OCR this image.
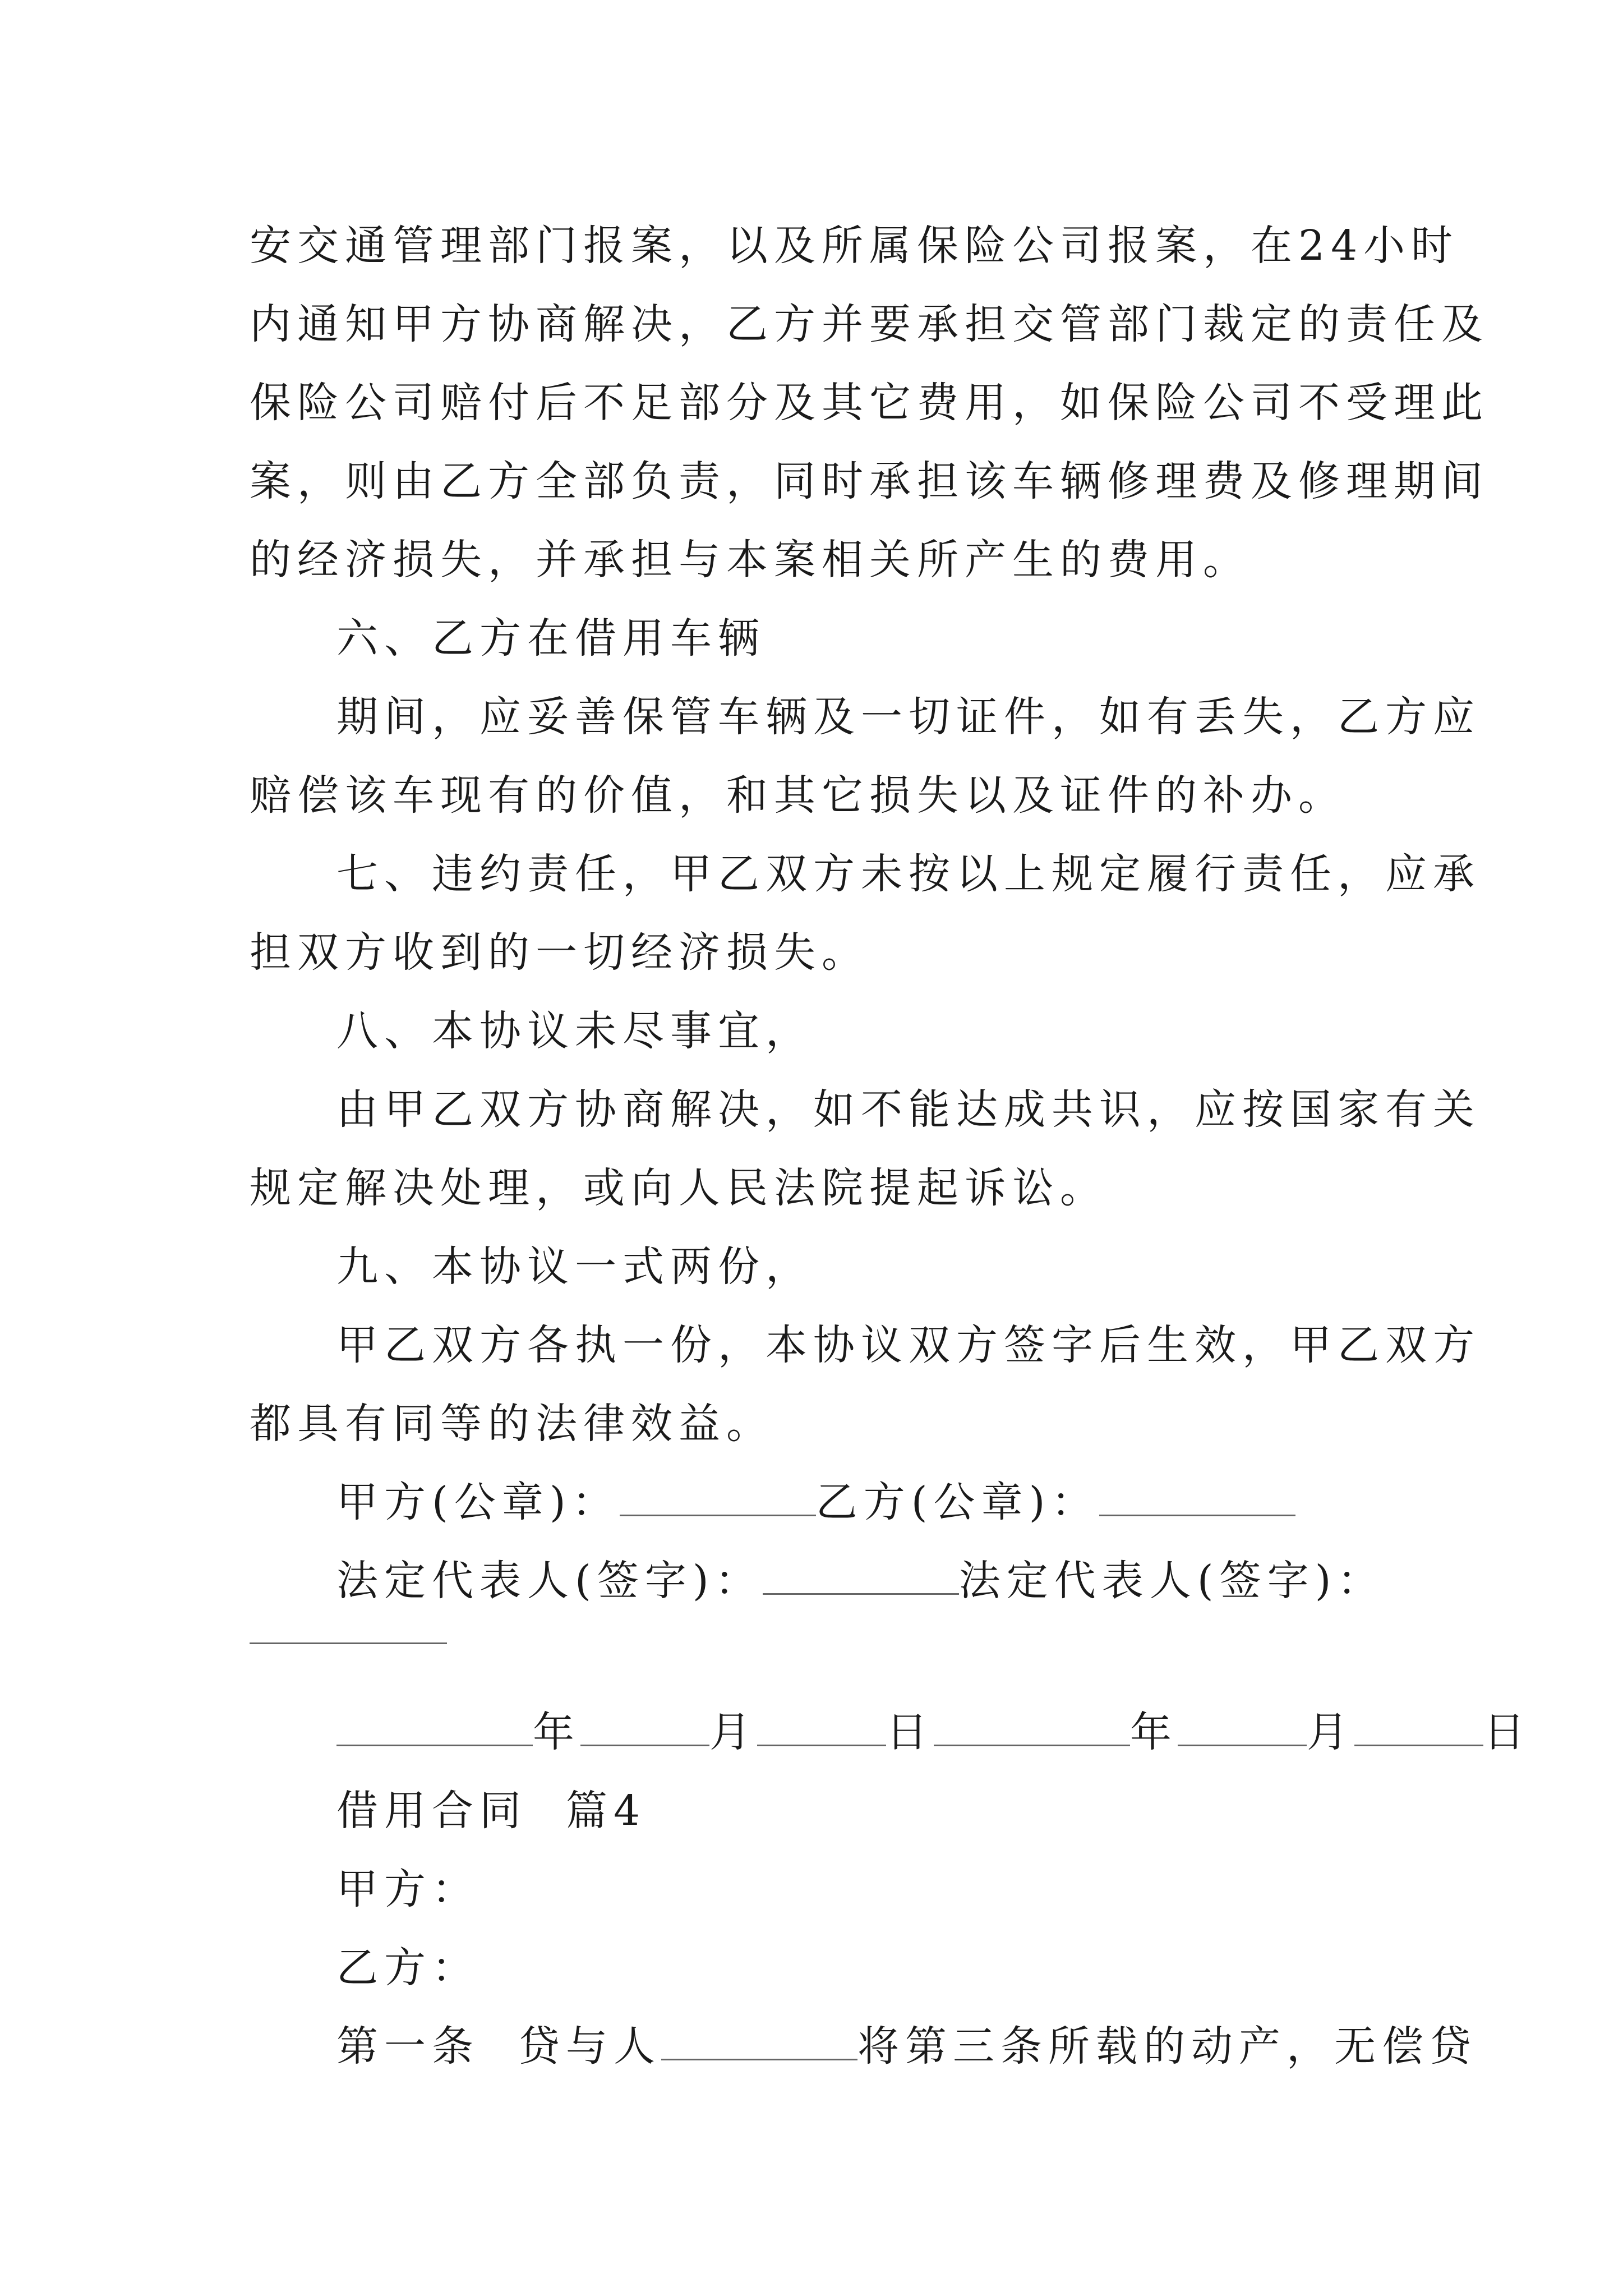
安交通管理部门报案，以及所属保险公司报案，在24小时
内通知甲方协商解决，乙方并要承担交管部门裁定的责任及
保险公司赔付后不足部分及其它费用，如保险公司不受理此
案，则由乙方全部负责，同时承担该车辆修理费及修理期间
的经济损失，并承担与本案相关所产生的费用。
六、乙方在借用车辆
期间，应妥善保管车辆及一切证件，如有丢失，乙方应
赔偿该车现有的价值，和其它损失以及证件的补办。
七、违约责任，甲乙双方未按以上规定履行责任，应承
担双方收到的一切经济损失。
八、本协议未尽事宜，
由甲乙双方协商解决，如不能达成共识，应按国家有关
规定解决处理，或向人民法院提起诉讼。
九、本协议一式两份，
甲乙双方各执一份，本协议双方签字后生效，甲乙双方
都具有同等的法律效益。
甲方(公章)：	乙方(公章)：
法定代表人(签字)：	法定代表人(签字)：
年	月	日	年	月	日
借用合同  篇4
甲方：
乙方：
第一条  贷与人	将第三条所载的动产，无偿贷
